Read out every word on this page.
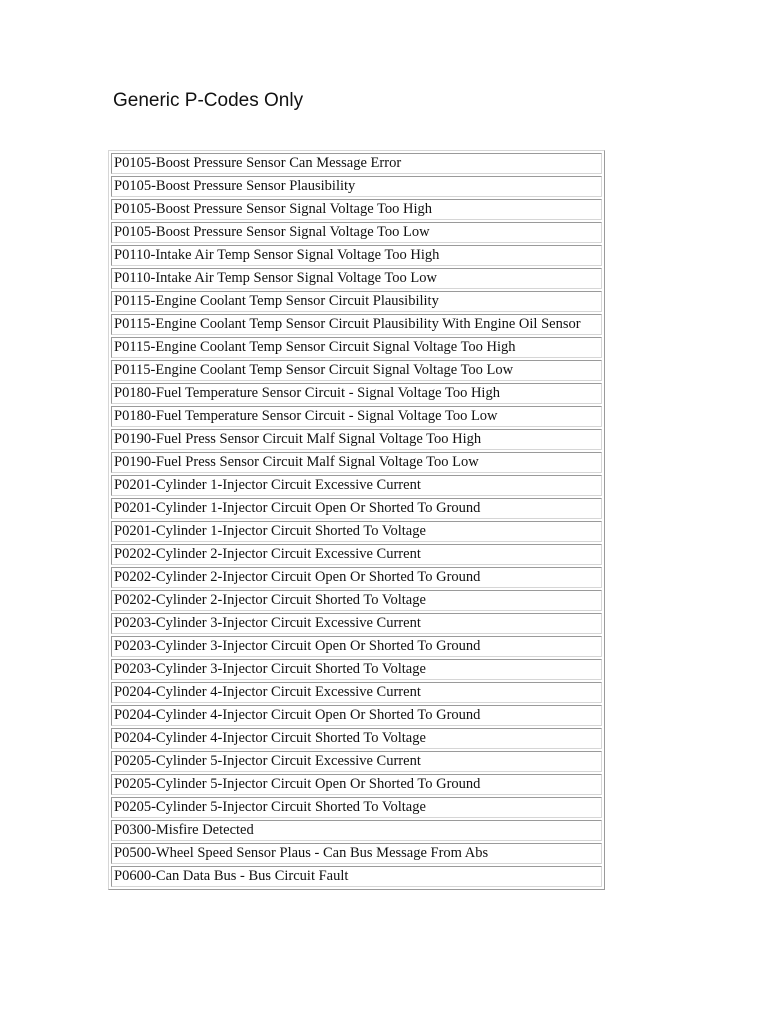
Generic P-Codes Only
P0105-Boost Pressure Sensor Can Message Error
P0105-Boost Pressure Sensor Plausibility
P0105-Boost Pressure Sensor Signal Voltage Too High
P0105-Boost Pressure Sensor Signal Voltage Too Low
P0110-Intake Air Temp Sensor Signal Voltage Too High
P0110-Intake Air Temp Sensor Signal Voltage Too Low
P0115-Engine Coolant Temp Sensor Circuit Plausibility
P0115-Engine Coolant Temp Sensor Circuit Plausibility With Engine Oil Sensor
P0115-Engine Coolant Temp Sensor Circuit Signal Voltage Too High
P0115-Engine Coolant Temp Sensor Circuit Signal Voltage Too Low
P0180-Fuel Temperature Sensor Circuit - Signal Voltage Too High
P0180-Fuel Temperature Sensor Circuit - Signal Voltage Too Low
P0190-Fuel Press Sensor Circuit Malf Signal Voltage Too High
P0190-Fuel Press Sensor Circuit Malf Signal Voltage Too Low
P0201-Cylinder 1-Injector Circuit Excessive Current
P0201-Cylinder 1-Injector Circuit Open Or Shorted To Ground
P0201-Cylinder 1-Injector Circuit Shorted To Voltage
P0202-Cylinder 2-Injector Circuit Excessive Current
P0202-Cylinder 2-Injector Circuit Open Or Shorted To Ground
P0202-Cylinder 2-Injector Circuit Shorted To Voltage
P0203-Cylinder 3-Injector Circuit Excessive Current
P0203-Cylinder 3-Injector Circuit Open Or Shorted To Ground
P0203-Cylinder 3-Injector Circuit Shorted To Voltage
P0204-Cylinder 4-Injector Circuit Excessive Current
P0204-Cylinder 4-Injector Circuit Open Or Shorted To Ground
P0204-Cylinder 4-Injector Circuit Shorted To Voltage
P0205-Cylinder 5-Injector Circuit Excessive Current
P0205-Cylinder 5-Injector Circuit Open Or Shorted To Ground
P0205-Cylinder 5-Injector Circuit Shorted To Voltage
P0300-Misfire Detected
P0500-Wheel Speed Sensor Plaus - Can Bus Message From Abs
P0600-Can Data Bus - Bus Circuit Fault
